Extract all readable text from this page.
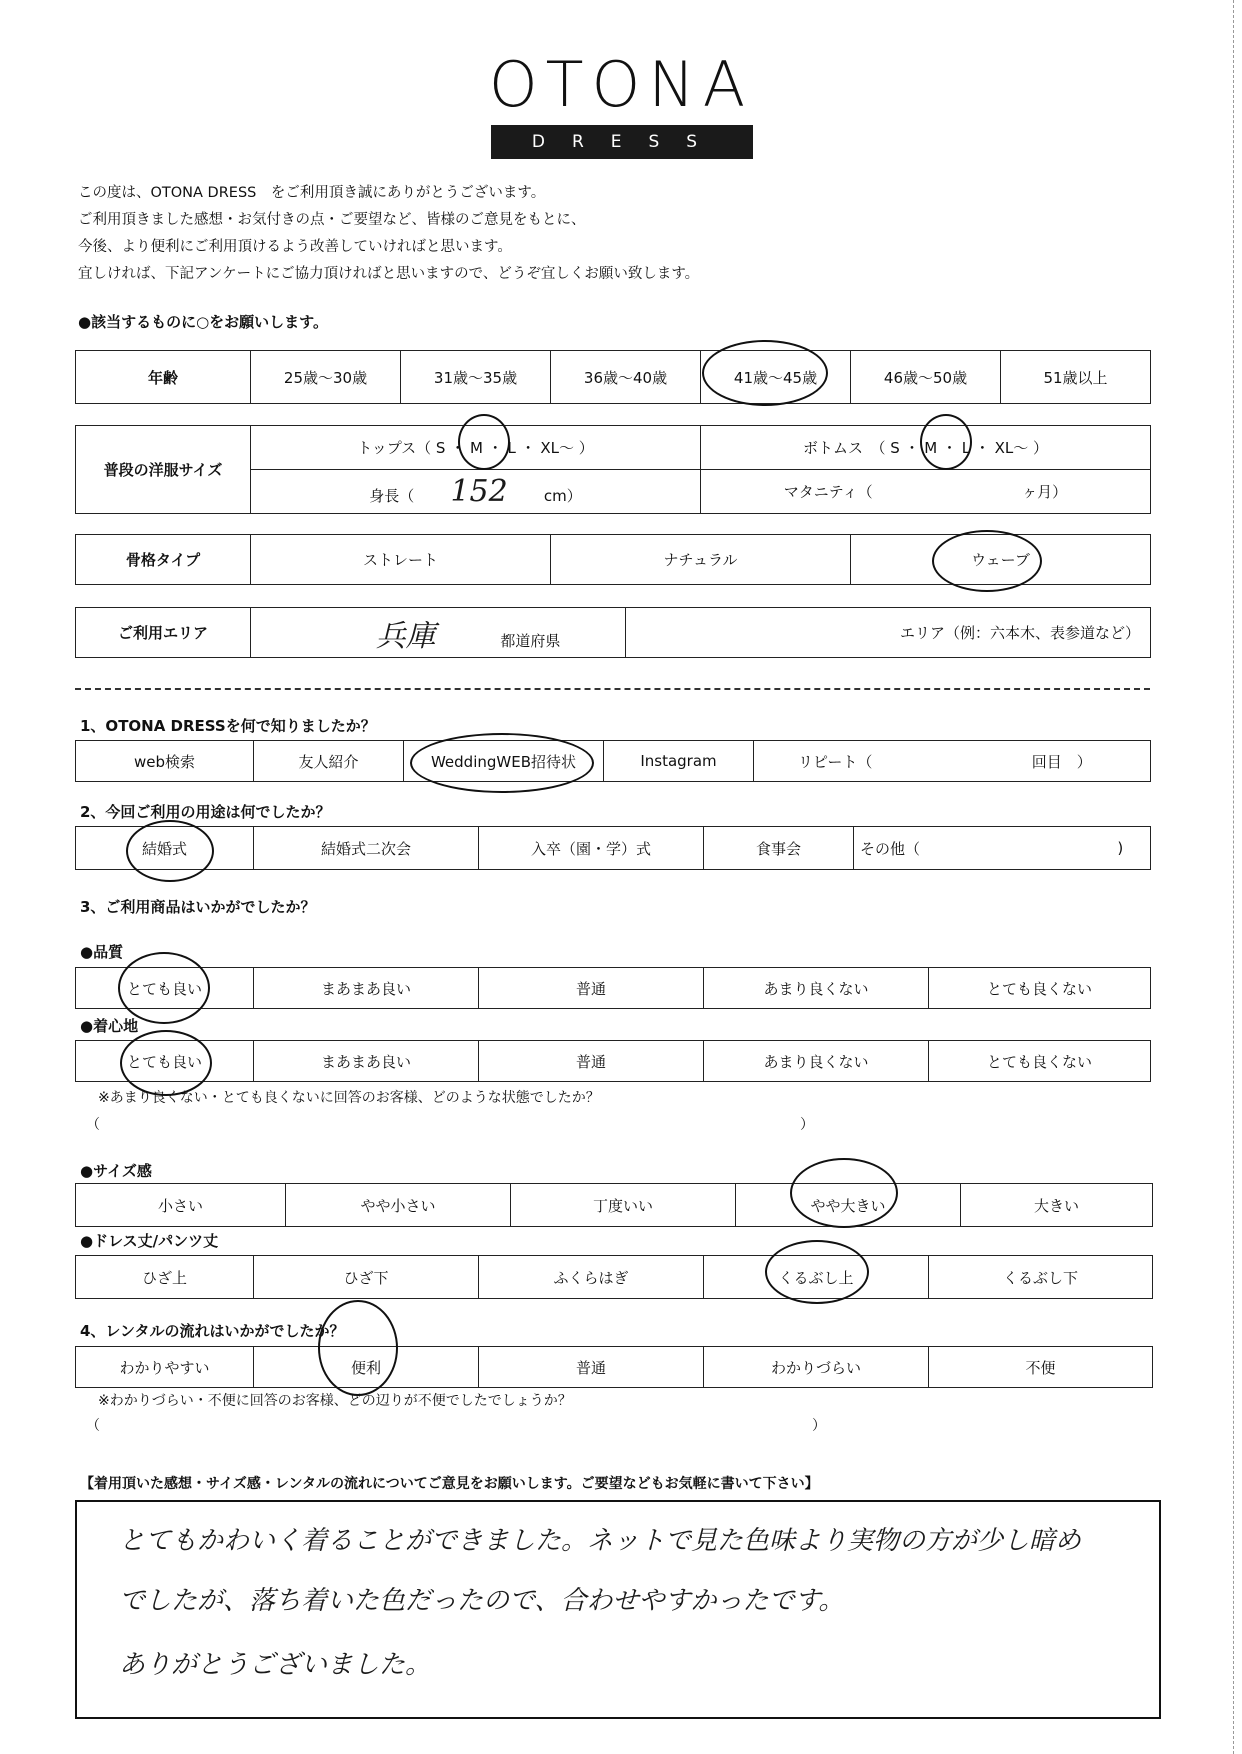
OTONA
DRESS
この度は、OTONA DRESS　をご利用頂き誠にありがとうございます。
ご利用頂きました感想・お気付きの点・ご要望など、皆様のご意見をもとに、
今後、より便利にご利用頂けるよう改善していければと思います。
宜しければ、下記アンケートにご協力頂ければと思いますので、どうぞ宜しくお願い致します。
●該当するものに○をお願いします。
年齢	25歳～30歳	31歳～35歳	36歳～40歳	41歳～45歳	46歳～50歳	51歳以上
普段の洋服サイズ	トップス（ S ・ M ・ L ・ XL～ ）	ボトムス　（ S ・ M ・ L ・ XL～ ）
	身長（ 152 cm）	マタニティ（ ヶ月）
骨格タイプ	ストレート	ナチュラル	ウェーブ
ご利用エリア	兵庫	都道府県	エリア（例：六本木、表参道など）
1、OTONA DRESSを何で知りましたか？
web検索	友人紹介	WeddingWEB招待状	Instagram	リピート（	回目　）
2、今回ご利用の用途は何でしたか？
結婚式	結婚式二次会	入卒（園・学）式	食事会	その他（	)
3、ご利用商品はいかがでしたか？
●品質
とても良い	まあまあ良い	普通	あまり良くない	とても良くない
●着心地
とても良い	まあまあ良い	普通	あまり良くない	とても良くない
※あまり良くない・とても良くないに回答のお客様、どのような状態でしたか？
（	）
●サイズ感
小さい	やや小さい	丁度いい	やや大きい	大きい
●ドレス丈/パンツ丈
ひざ上	ひざ下	ふくらはぎ	くるぶし上	くるぶし下
4、レンタルの流れはいかがでしたか？
わかりやすい	便利	普通	わかりづらい	不便
※わかりづらい・不便に回答のお客様、どの辺りが不便でしたでしょうか？
（	）
【着用頂いた感想・サイズ感・レンタルの流れについてご意見をお願いします。ご要望などもお気軽に書いて下さい】
とてもかわいく着ることができました。ネットで見た色味より実物の方が少し暗め
でしたが、落ち着いた色だったので、合わせやすかったです。
ありがとうございました。
